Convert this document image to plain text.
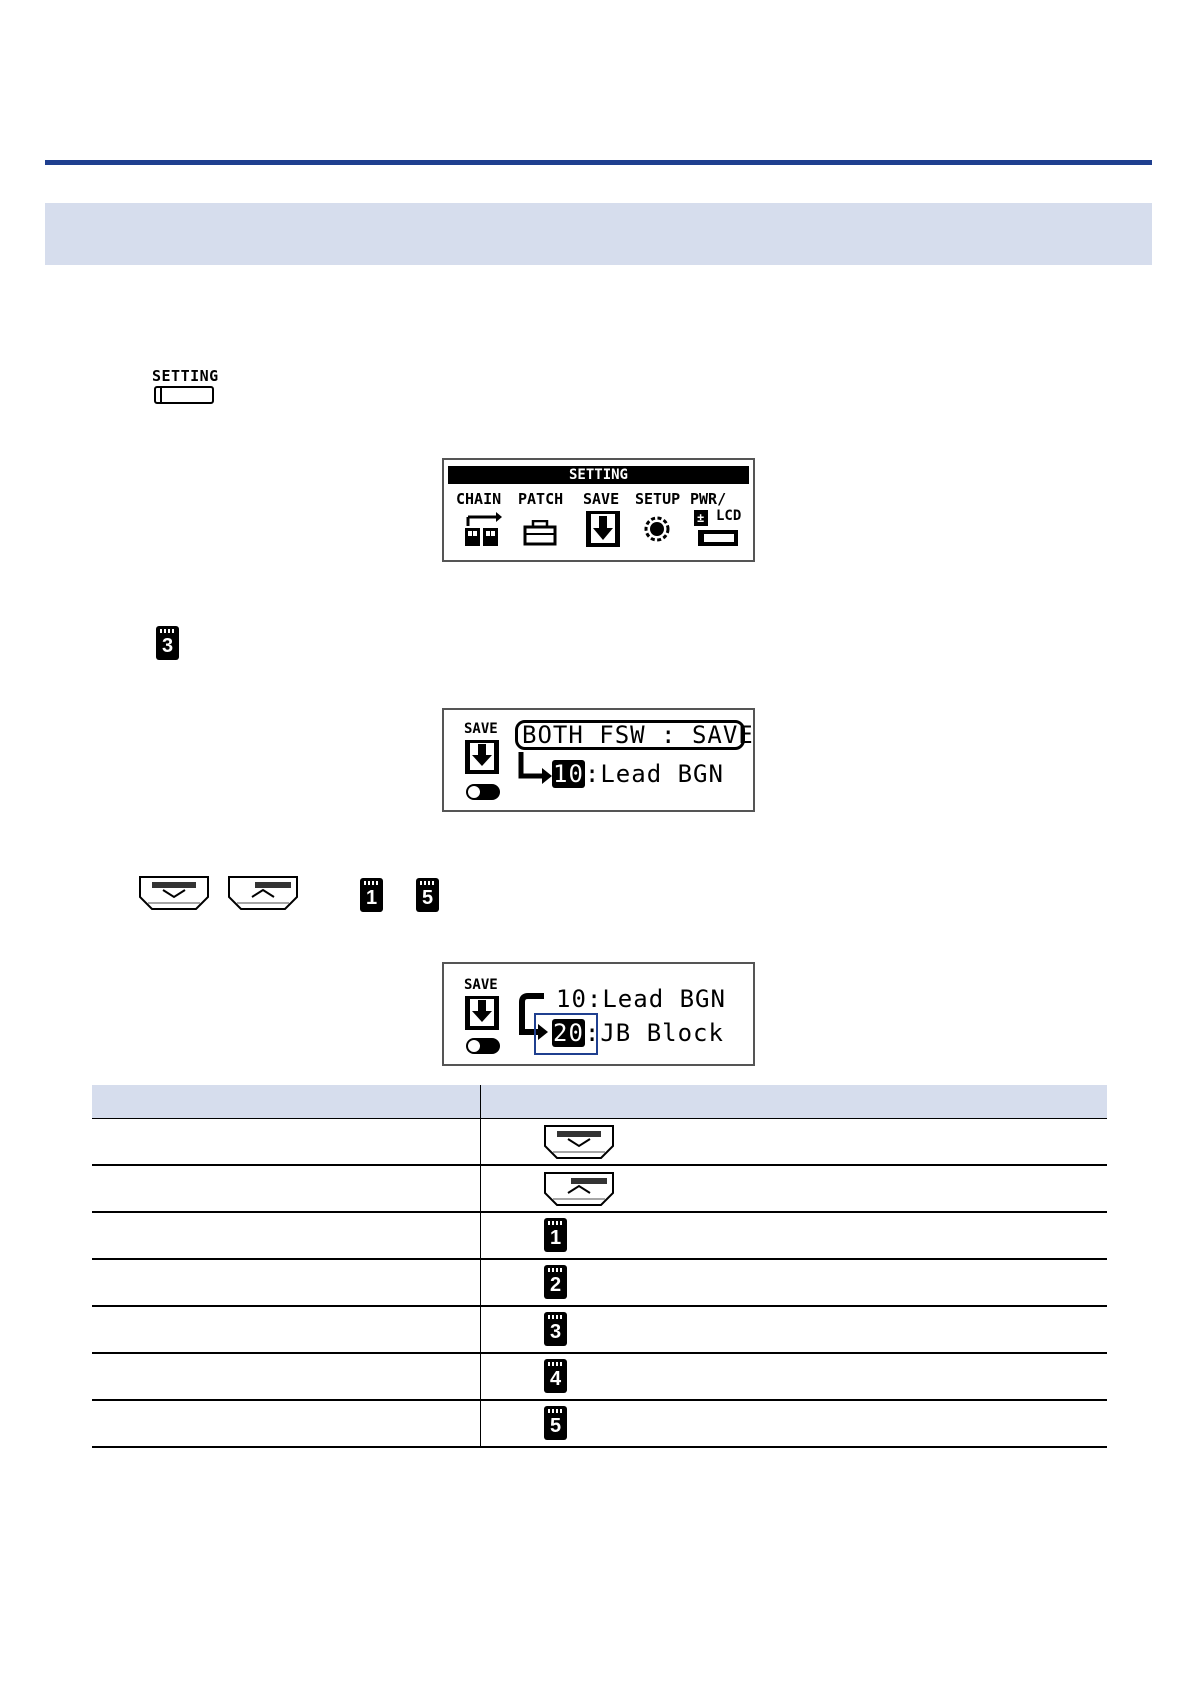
SETTING
SETTING
CHAIN PATCH SAVE SETUP PWR/
± LCD
3
SAVE BOTH FSW : SAVE
10:Lead BGN
1 5
SAVE 10:Lead BGN
20:JB Block

	1

	2

	3

	4

	5
